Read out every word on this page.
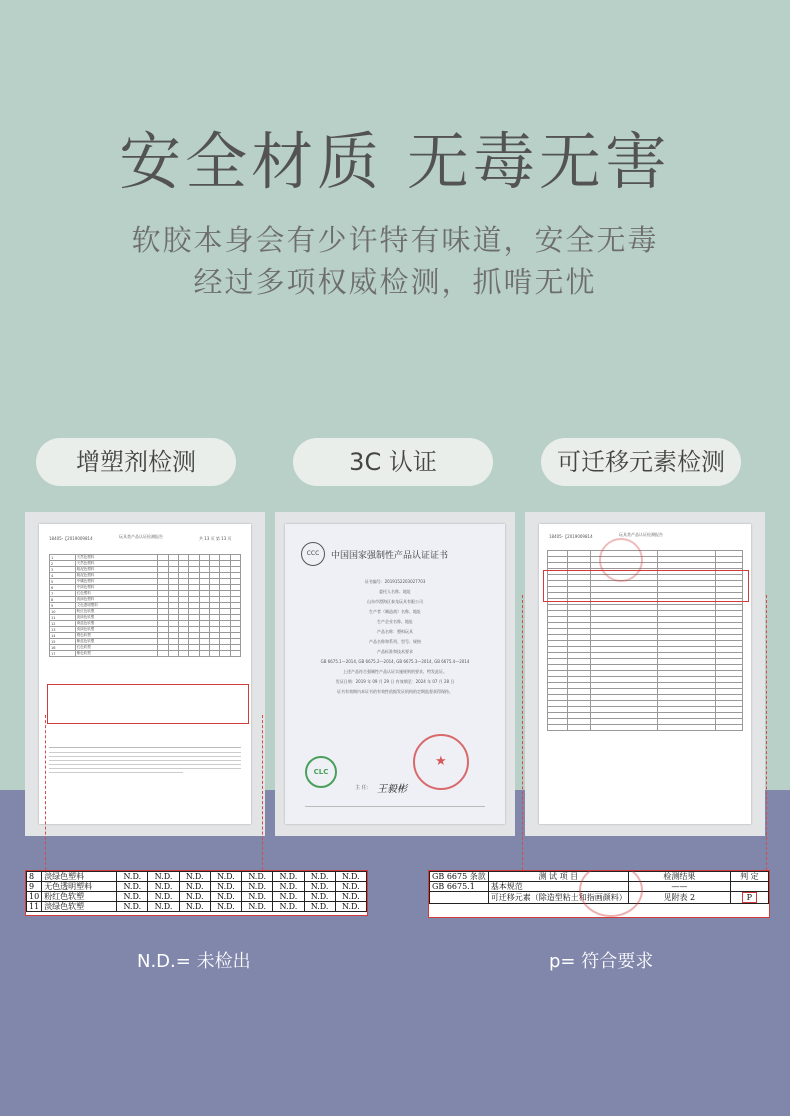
安全材质 无毒无害
软胶本身会有少许特有味道，安全无毒
经过多项权威检测，抓啃无忧
增塑剂检测	3C 认证	可迁移元素检测
18405-【2019009814	玩具类产品认证检测报告	共 13 页 第 13 页
1	天然色塑料								
2	天然色塑料								
3	粗泥色塑料								
4	粗泥色塑料								
5	中橘色塑料								
6	中绿色塑料								
7	红色塑料								
8	淡绿色塑料								
9	文色透明塑料								
10	粉红色软塑								
11	淡绿色软塑								
12	黄蓝色软塑								
13	淡绿色软塑								
14	橙色软塑								
15	紫蓝色软塑								
16	红色软塑								
17	紫色软塑								
CCC	中国国家强制性产品认证证书
证书编号：2019152203027703
委托人名称、地址
山东市澄海区泰龙玩具有限公司
生产者（制造商）名称、地址
生产企业名称、地址
产品名称：塑料玩具
产品名称和系列、型号、规格
产品标准和技术要求
GB 6675.1—2014, GB 6675.2—2014, GB 6675.3—2014, GB 6675.4—2014
上述产品符合强制性产品认证实施规则的要求，特发此证。
发证日期：2019 年 09 月 29 日 有效期至：2024 年 07 月 28 日
证书有效期内本证书的有效性依据发证机构的定期监督获得保持。
CLC
★
主 任： 王毅彬
18405-【2019009814	玩具类产品认证检测报告

8	淡绿色塑料	N.D.	N.D.	N.D.	N.D.	N.D.	N.D.	N.D.	N.D.
9	无色透明塑料	N.D.	N.D.	N.D.	N.D.	N.D.	N.D.	N.D.	N.D.
10	粉红色软塑	N.D.	N.D.	N.D.	N.D.	N.D.	N.D.	N.D.	N.D.
11	淡绿色软塑	N.D.	N.D.	N.D.	N.D.	N.D.	N.D.	N.D.	N.D.
GB 6675 条款	测 试 项 目	检测结果	判 定
GB 6675.1	基本规范	——	
	可迁移元素（除造型粘土和指画颜料）	见附表 2	P
N.D.= 未检出	p= 符合要求
